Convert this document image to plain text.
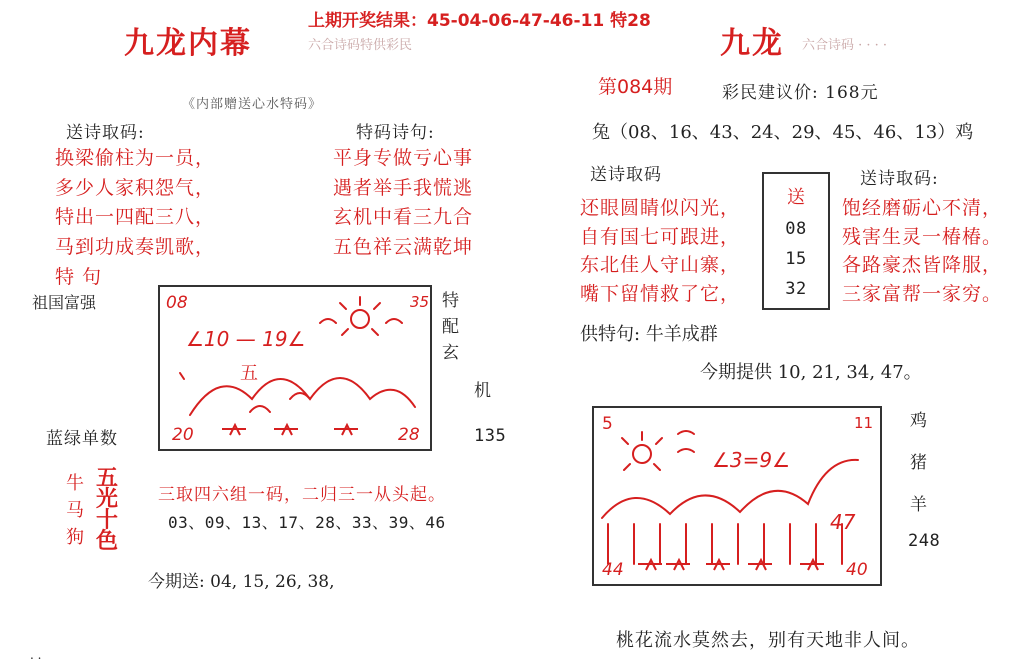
上期开奖结果：45-04-06-47-46-11 特28
九龙内幕	六合诗码特供彩民
《内部赠送心水特码》
送诗取码:	特码诗句:
换梁偷柱为一员，
多少人家积怨气，
特出一四配三八，
马到功成奏凯歌，
平身专做亏心事
遇者举手我慌逃
玄机中看三九合
五色祥云满乾坤
特 句
祖国富强	08	35
∠10 — 19∠
五
20	28
特
配
玄
机
135
蓝绿单数
牛
马
狗
五
光
十
色
三取四六组一码，二归三一从头起。
03、09、13、17、28、33、39、46
今期送: 04, 15, 26, 38,
. .
九龙 六合诗码 · · · ·
第084期	彩民建议价: 168元
兔（08、16、43、24、29、45、46、13）鸡
送诗取码	送诗取码:
还眼圆睛似闪光，
自有国七可跟进，
东北佳人守山寨，
嘴下留情救了它，
送
08
15
32
饱经磨砺心不清，
残害生灵一椿椿。
各路豪杰皆降服，
三家富帮一家穷。
供特句: 牛羊成群
今期提供 10, 21, 34, 47。
5	11
∠3=9∠
47
44	40
鸡
猪
羊
248
桃花流水莫然去，别有天地非人间。
